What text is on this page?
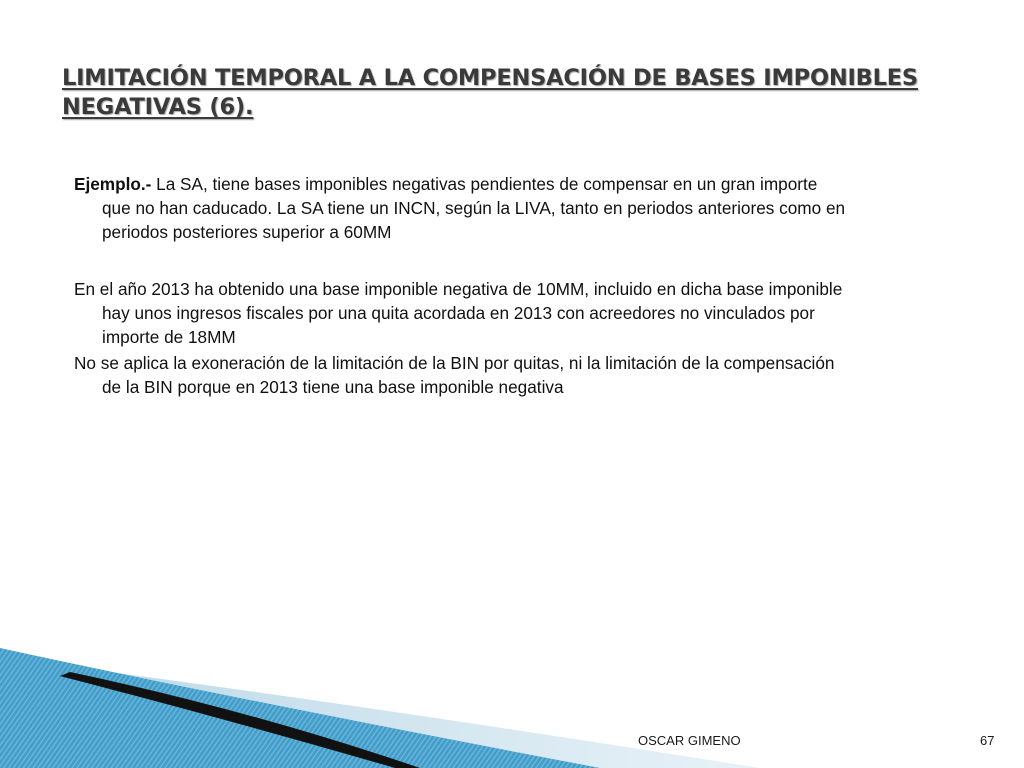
LIMITACIÓN TEMPORAL A LA COMPENSACIÓN DE BASES IMPONIBLES
NEGATIVAS (6).

Ejemplo.- La SA, tiene bases imponibles negativas pendientes de compensar en un gran importe
que no han caducado. La SA tiene un INCN, según la LIVA, tanto en periodos anteriores como en
periodos posteriores superior a 60MM

En el año 2013 ha obtenido una base imponible negativa de 10MM, incluido en dicha base imponible
hay unos ingresos fiscales por una quita acordada en 2013 con acreedores no vinculados por
importe de 18MM

No se aplica la exoneración de la limitación de la BIN por quitas, ni la limitación de la compensación
de la BIN porque en 2013 tiene una base imponible negativa

OSCAR GIMENO	67
